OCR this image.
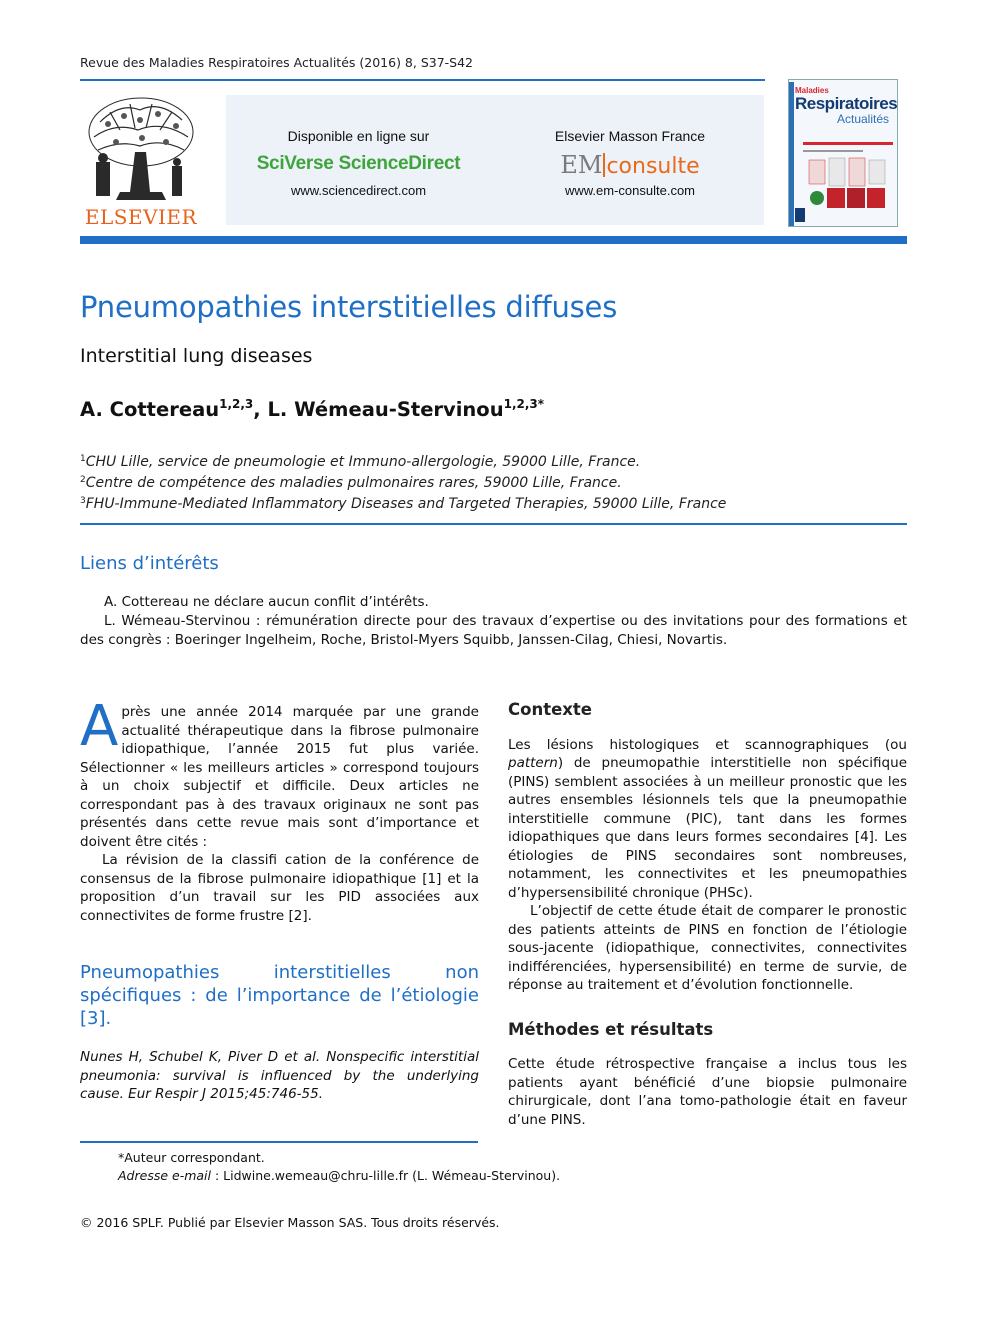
Revue des Maladies Respiratoires Actualités (2016) 8, S37-S42
ELSEVIER
Disponible en ligne sur
SciVerse ScienceDirect
www.sciencedirect.com
Elsevier Masson France
EM consulte
www.em-consulte.com
Maladies
Respiratoires
Actualités
Pneumopathies interstitielles diffuses
Interstitial lung diseases
A. Cottereau$^{1,2,3}$, L. Wémeau-Stervinou$^{1,2,3*}$
$^1$CHU Lille, service de pneumologie et Immuno-allergologie, 59000 Lille, France.
$^2$Centre de compétence des maladies pulmonaires rares, 59000 Lille, France.
$^3$FHU-Immune-Mediated Inflammatory Diseases and Targeted Therapies, 59000 Lille, France
Liens d’intérêts
A. Cottereau ne déclare aucun conflit d’intérêts.
L. Wémeau-Stervinou : rémunération directe pour des travaux d’expertise ou des invitations pour des formations et des congrès : Boeringer Ingelheim, Roche, Bristol-Myers Squibb, Janssen-Cilag, Chiesi, Novartis.

Après une année 2014 marquée par une grande actualité thérapeutique dans la fibrose pulmonaire idiopathique, l’année 2015 fut plus variée. Sélectionner « les meilleurs articles » correspond toujours à un choix subjectif et difficile. Deux articles ne correspondant pas à des travaux originaux ne sont pas présentés dans cette revue mais sont d’importance et doivent être cités :

La révision de la classifi cation de la conférence de consensus de la fibrose pulmonaire idiopathique [1] et la proposition d’un travail sur les PID associées aux connectivites de forme frustre [2].

Pneumopathies interstitielles non spécifiques : de l’importance de l’étiologie [3].

Nunes H, Schubel K, Piver D et al. Nonspecific interstitial pneumonia: survival is influenced by the underlying cause. Eur Respir J 2015;45:746-55.

Contexte

Les lésions histologiques et scannographiques (ou pattern) de pneumopathie interstitielle non spécifique (PINS) semblent associées à un meilleur pronostic que les autres ensembles lésionnels tels que la pneumopathie interstitielle commune (PIC), tant dans les formes idiopathiques que dans leurs formes secondaires [4]. Les étiologies de PINS secondaires sont nombreuses, notamment, les connectivites et les pneumopathies d’hypersensibilité chronique (PHSc).

L’objectif de cette étude était de comparer le pronostic des patients atteints de PINS en fonction de l’étiologie sous-jacente (idiopathique, connectivites, connectivites indifférenciées, hypersensibilité) en terme de survie, de réponse au traitement et d’évolution fonctionnelle.

Méthodes et résultats

Cette étude rétrospective française a inclus tous les patients ayant bénéficié d’une biopsie pulmonaire chirurgicale, dont l’ana tomo-pathologie était en faveur d’une PINS.

*Auteur correspondant.
Adresse e-mail : Lidwine.wemeau@chru-lille.fr (L. Wémeau-Stervinou).
© 2016 SPLF. Publié par Elsevier Masson SAS. Tous droits réservés.
